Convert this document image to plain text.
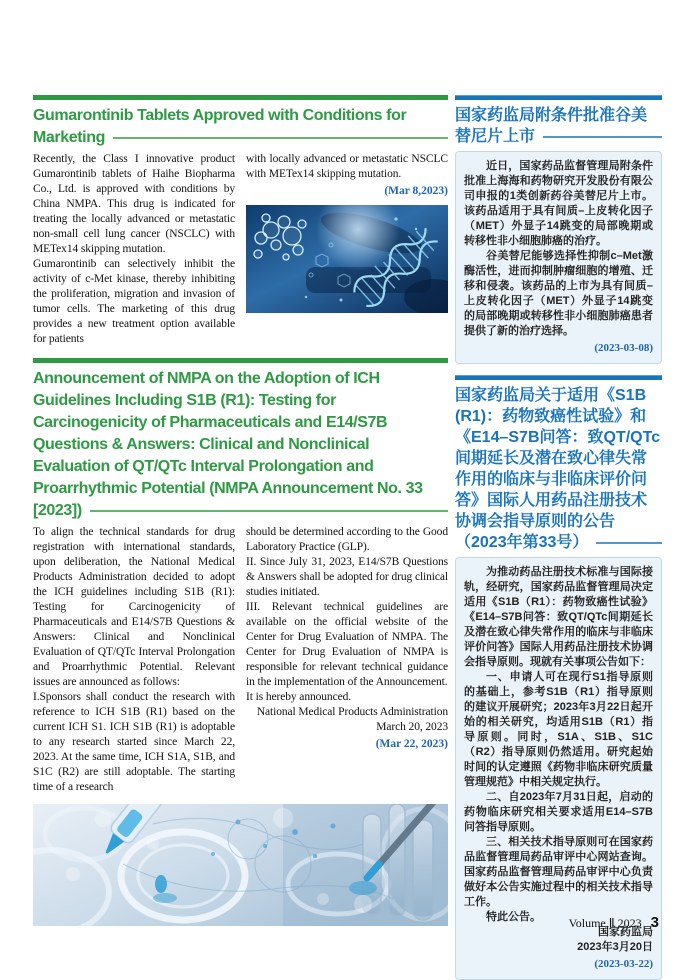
Gumarontinib Tablets Approved with Conditions for
Marketing

Recently, the Class I innovative product Gumarontinib tablets of Haihe Biopharma Co., Ltd. is approved with conditions by China NMPA. This drug is indicated for treating the locally advanced or metastatic non-small cell lung cancer (NSCLC) with METex14 skipping mutation.

Gumarontinib can selectively inhibit the activity of c-Met kinase, thereby inhibiting the proliferation, migration and invasion of tumor cells. The marketing of this drug provides a new treatment option available for patients

with locally advanced or metastatic NSCLC with METex14 skipping mutation.

(Mar 8,2023)
Announcement of NMPA on the Adoption of ICH Guidelines Including S1B (R1): Testing for Carcinogenicity of Pharmaceuticals and E14/S7B Questions & Answers: Clinical and Nonclinical Evaluation of QT/QTc Interval Prolongation and Proarrhythmic Potential (NMPA Announcement No. 33
[2023])

To align the technical standards for drug registration with international standards, upon deliberation, the National Medical Products Administration decided to adopt the ICH guidelines including S1B (R1): Testing for Carcinogenicity of Pharmaceuticals and E14/S7B Questions & Answers: Clinical and Nonclinical Evaluation of QT/QTc Interval Prolongation and Proarrhythmic Potential. Relevant issues are announced as follows:

I.Sponsors shall conduct the research with reference to ICH S1B (R1) based on the current ICH S1. ICH S1B (R1) is adoptable to any research started since March 22, 2023. At the same time, ICH S1A, S1B, and S1C (R2) are still adoptable. The starting time of a research

should be determined according to the Good Laboratory Practice (GLP).

II. Since July 31, 2023, E14/S7B Questions & Answers shall be adopted for drug clinical studies initiated.

III. Relevant technical guidelines are available on the official website of the Center for Drug Evaluation of NMPA. The Center for Drug Evaluation of NMPA is responsible for relevant technical guidance in the implementation of the Announcement.

It is hereby announced.

National Medical Products Administration

March 20, 2023

(Mar 22, 2023)
国家药监局附条件批准谷美
替尼片上市

近日，国家药品监督管理局附条件批准上海海和药物研究开发股份有限公司申报的1类创新药谷美替尼片上市。该药品适用于具有间质–上皮转化因子（MET）外显子14跳变的局部晚期或转移性非小细胞肺癌的治疗。

谷美替尼能够选择性抑制c–Met激酶活性，进而抑制肿瘤细胞的增殖、迁移和侵袭。该药品的上市为具有间质–上皮转化因子（MET）外显子14跳变的局部晚期或转移性非小细胞肺癌患者提供了新的治疗选择。

(2023-03-08)
国家药监局关于适用《S1B (R1)：药物致癌性试验》和《E14–S7B问答：致QT/QTc间期延长及潜在致心律失常作用的临床与非临床评价问答》国际人用药品注册技术协调会指导原则的公告
（2023年第33号）

为推动药品注册技术标准与国际接轨，经研究，国家药品监督管理局决定适用《S1B（R1）：药物致癌性试验》《E14–S7B问答：致QT/QTc间期延长及潜在致心律失常作用的临床与非临床评价问答》国际人用药品注册技术协调会指导原则。现就有关事项公告如下：

一、申请人可在现行S1指导原则的基础上，参考S1B（R1）指导原则的建议开展研究；2023年3月22日起开始的相关研究，均适用S1B（R1）指导原则。同时，S1A、S1B、S1C（R2）指导原则仍然适用。研究起始时间的认定遵照《药物非临床研究质量管理规范》中相关规定执行。

二、自2023年7月31日起，启动的药物临床研究相关要求适用E14–S7B问答指导原则。

三、相关技术指导原则可在国家药品监督管理局药品审评中心网站查询。国家药品监督管理局药品审评中心负责做好本公告实施过程中的相关技术指导工作。

特此公告。

国家药监局

2023年3月20日

(2023-03-22)
Volume Ⅱ 2023 3
